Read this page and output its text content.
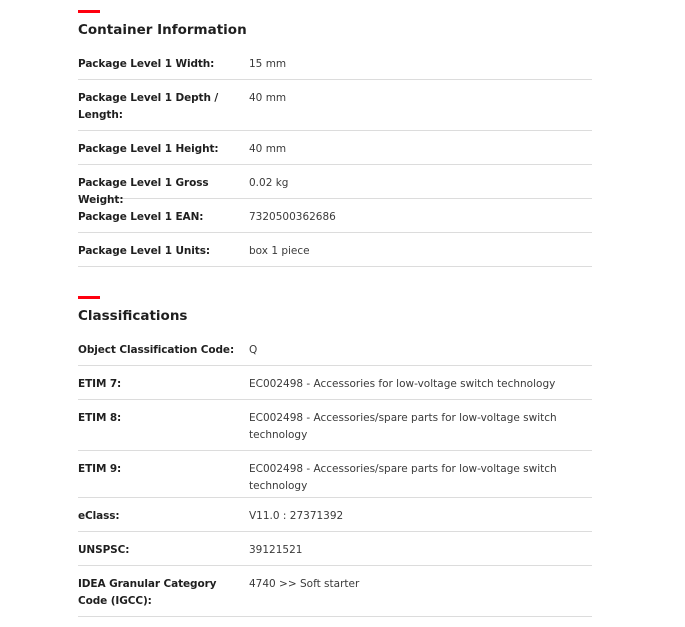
Container Information
Package Level 1 Width:	15 mm
Package Level 1 Depth / Length:
40 mm
Package Level 1 Height:	40 mm
Package Level 1 Gross Weight:
0.02 kg
Package Level 1 EAN:	7320500362686
Package Level 1 Units:	box 1 piece
Classifications
Object Classification Code:	Q
ETIM 7:	EC002498 - Accessories for low-voltage switch technology
ETIM 8:	EC002498 - Accessories/spare parts for low-voltage switch technology
ETIM 9:	EC002498 - Accessories/spare parts for low-voltage switch technology
eClass:	V11.0 : 27371392
UNSPSC:	39121521
IDEA Granular Category Code (IGCC):
4740 >> Soft starter
